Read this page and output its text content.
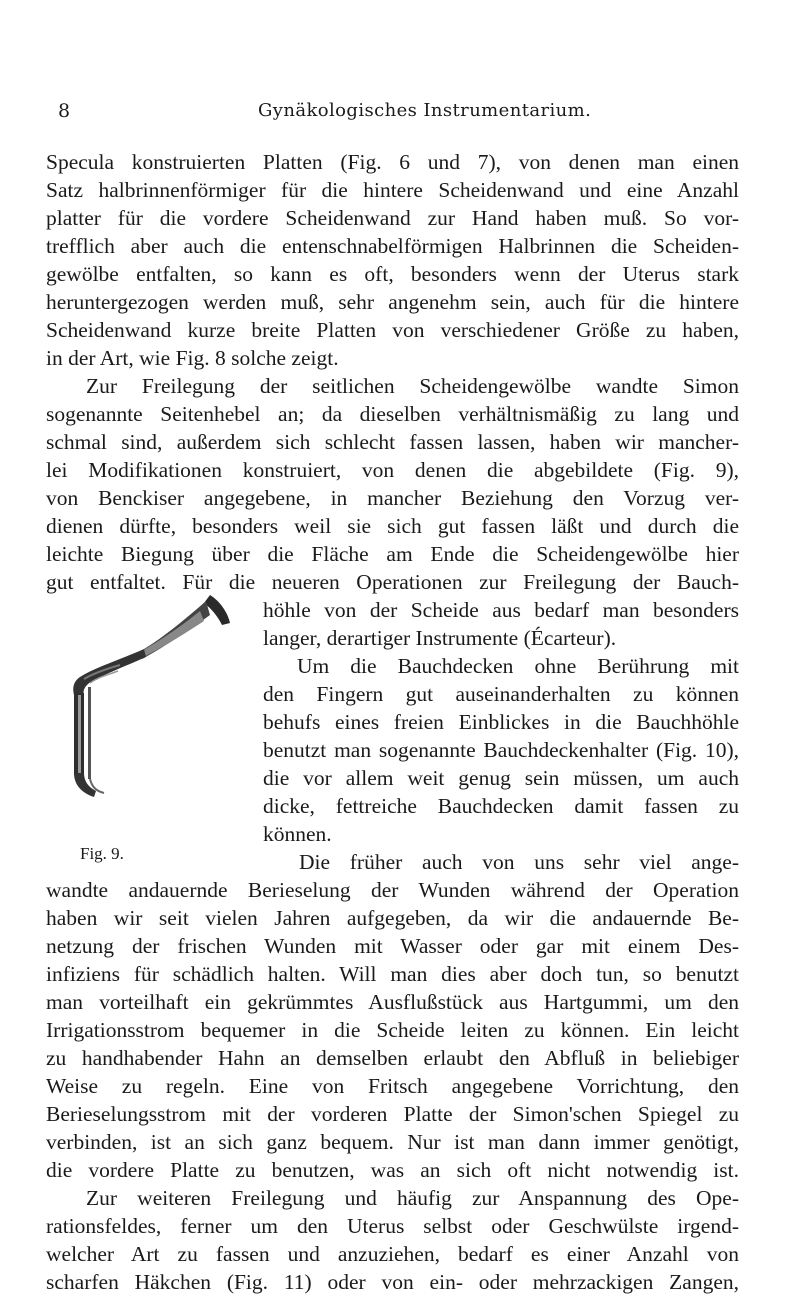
8	Gynäkologisches Instrumentarium.
Specula konstruierten Platten (Fig. 6 und 7), von denen man einen
Satz halbrinnenförmiger für die hintere Scheidenwand und eine Anzahl
platter für die vordere Scheidenwand zur Hand haben muß. So vor-
trefflich aber auch die entenschnabelförmigen Halbrinnen die Scheiden-
gewölbe entfalten, so kann es oft, besonders wenn der Uterus stark
heruntergezogen werden muß, sehr angenehm sein, auch für die hintere
Scheidenwand kurze breite Platten von verschiedener Größe zu haben,
in der Art, wie Fig. 8 solche zeigt.
Zur Freilegung der seitlichen Scheidengewölbe wandte Simon
sogenannte Seitenhebel an; da dieselben verhältnismäßig zu lang und
schmal sind, außerdem sich schlecht fassen lassen, haben wir mancher-
lei Modifikationen konstruiert, von denen die abgebildete (Fig. 9),
von Benckiser angegebene, in mancher Beziehung den Vorzug ver-
dienen dürfte, besonders weil sie sich gut fassen läßt und durch die
leichte Biegung über die Fläche am Ende die Scheidengewölbe hier
gut entfaltet. Für die neueren Operationen zur Freilegung der Bauch-
höhle von der Scheide aus bedarf man besonders
langer, derartiger Instrumente (Écarteur).
Um die Bauchdecken ohne Berührung mit
den Fingern gut auseinanderhalten zu können
behufs eines freien Einblickes in die Bauchhöhle
benutzt man sogenannte Bauchdeckenhalter (Fig. 10),
die vor allem weit genug sein müssen, um auch
dicke, fettreiche Bauchdecken damit fassen zu
können.
Die früher auch von uns sehr viel ange-
wandte andauernde Berieselung der Wunden während der Operation
haben wir seit vielen Jahren aufgegeben, da wir die andauernde Be-
netzung der frischen Wunden mit Wasser oder gar mit einem Des-
infiziens für schädlich halten. Will man dies aber doch tun, so benutzt
man vorteilhaft ein gekrümmtes Ausflußstück aus Hartgummi, um den
Irrigationsstrom bequemer in die Scheide leiten zu können. Ein leicht
zu handhabender Hahn an demselben erlaubt den Abfluß in beliebiger
Weise zu regeln. Eine von Fritsch angegebene Vorrichtung, den
Berieselungsstrom mit der vorderen Platte der Simon'schen Spiegel zu
verbinden, ist an sich ganz bequem. Nur ist man dann immer genötigt,
die vordere Platte zu benutzen, was an sich oft nicht notwendig ist.
Zur weiteren Freilegung und häufig zur Anspannung des Ope-
rationsfeldes, ferner um den Uterus selbst oder Geschwülste irgend-
welcher Art zu fassen und anzuziehen, bedarf es einer Anzahl von
scharfen Häkchen (Fig. 11) oder von ein- oder mehrzackigen Zangen,
Fig. 9.
